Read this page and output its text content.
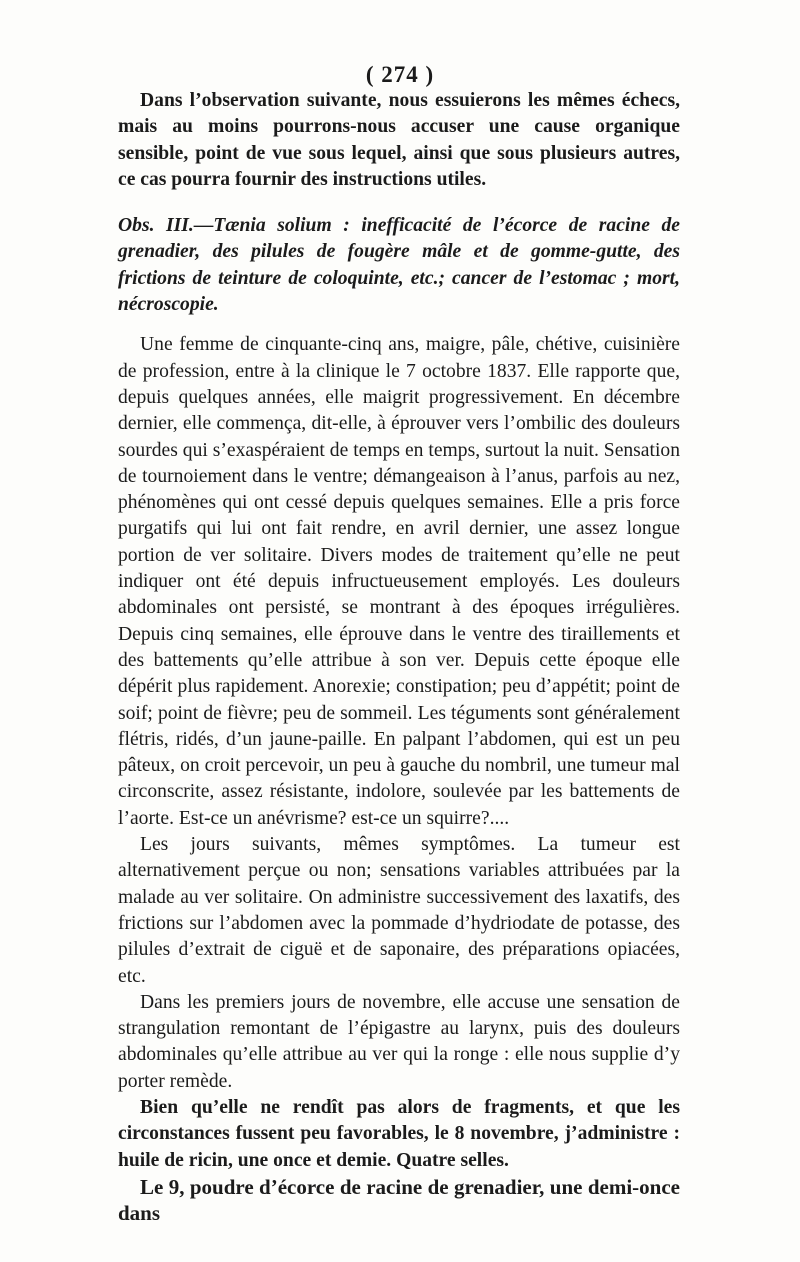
( 274 )

Dans l’observation suivante, nous essuierons les mêmes échecs, mais au moins pourrons-nous accuser une cause organique sensible, point de vue sous lequel, ainsi que sous plusieurs autres, ce cas pourra fournir des instructions utiles.

Obs. III.—Tænia solium : inefficacité de l’écorce de racine de grenadier, des pilules de fougère mâle et de gomme-gutte, des frictions de teinture de coloquinte, etc.; cancer de l’estomac ; mort, nécroscopie.

Une femme de cinquante-cinq ans, maigre, pâle, chétive, cuisinière de profession, entre à la clinique le 7 octobre 1837. Elle rapporte que, depuis quelques années, elle maigrit progressivement. En décembre dernier, elle commença, dit-elle, à éprouver vers l’ombilic des douleurs sourdes qui s’exaspéraient de temps en temps, surtout la nuit. Sensation de tournoiement dans le ventre; démangeaison à l’anus, parfois au nez, phénomènes qui ont cessé depuis quelques semaines. Elle a pris force purgatifs qui lui ont fait rendre, en avril dernier, une assez longue portion de ver solitaire. Divers modes de traitement qu’elle ne peut indiquer ont été depuis infructueusement employés. Les douleurs abdominales ont persisté, se montrant à des époques irrégulières. Depuis cinq semaines, elle éprouve dans le ventre des tiraillements et des battements qu’elle attribue à son ver. Depuis cette époque elle dépérit plus rapidement. Anorexie; constipation; peu d’appétit; point de soif; point de fièvre; peu de sommeil. Les téguments sont généralement flétris, ridés, d’un jaune-paille. En palpant l’abdomen, qui est un peu pâteux, on croit percevoir, un peu à gauche du nombril, une tumeur mal circonscrite, assez résistante, indolore, soulevée par les battements de l’aorte. Est-ce un anévrisme? est-ce un squirre?....

Les jours suivants, mêmes symptômes. La tumeur est alternativement perçue ou non; sensations variables attribuées par la malade au ver solitaire. On administre successivement des laxatifs, des frictions sur l’abdomen avec la pommade d’hydriodate de potasse, des pilules d’extrait de ciguë et de saponaire, des préparations opiacées, etc.

Dans les premiers jours de novembre, elle accuse une sensation de strangulation remontant de l’épigastre au larynx, puis des douleurs abdominales qu’elle attribue au ver qui la ronge : elle nous supplie d’y porter remède.

Bien qu’elle ne rendît pas alors de fragments, et que les circonstances fussent peu favorables, le 8 novembre, j’administre : huile de ricin, une once et demie. Quatre selles.

Le 9, poudre d’écorce de racine de grenadier, une demi-once dans
